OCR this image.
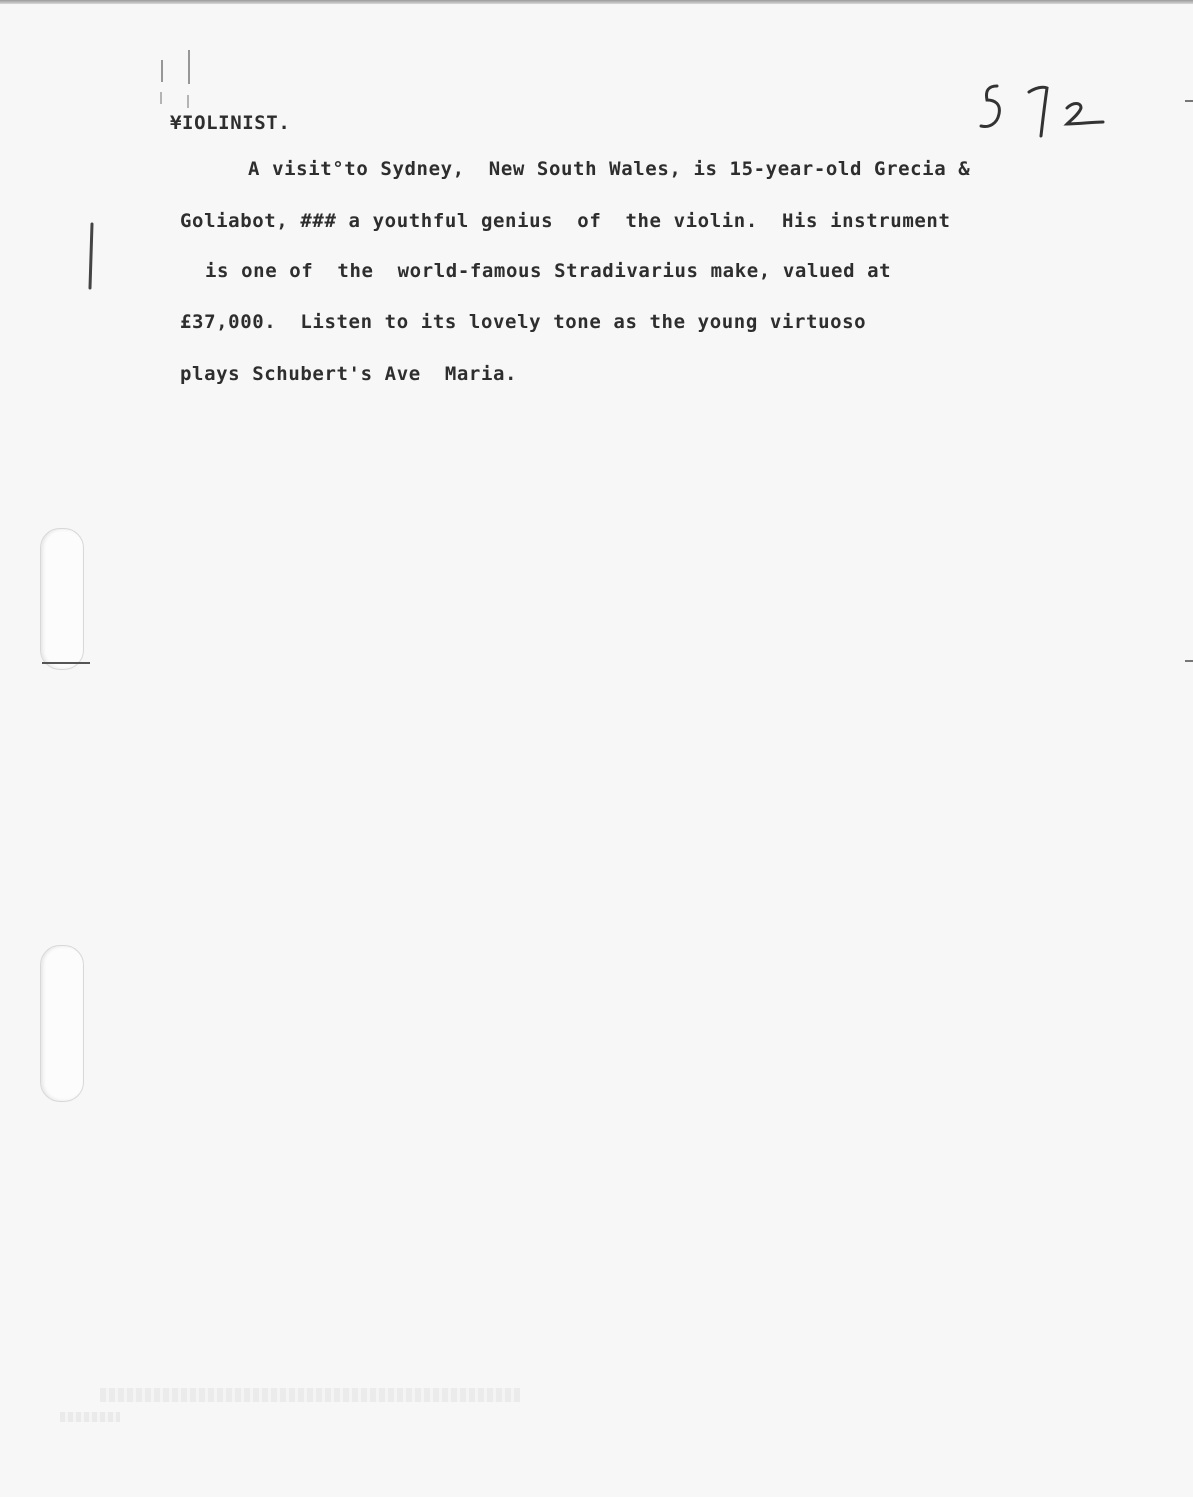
¥IOLINIST.
A visit°to Sydney,  New South Wales, is 15-year-old Grecia &
Goliabot, ### a youthful genius  of  the violin.  His instrument
is one of  the  world-famous Stradivarius make, valued at
£37,000.  Listen to its lovely tone as the young virtuoso
plays Schubert's Ave  Maria.
